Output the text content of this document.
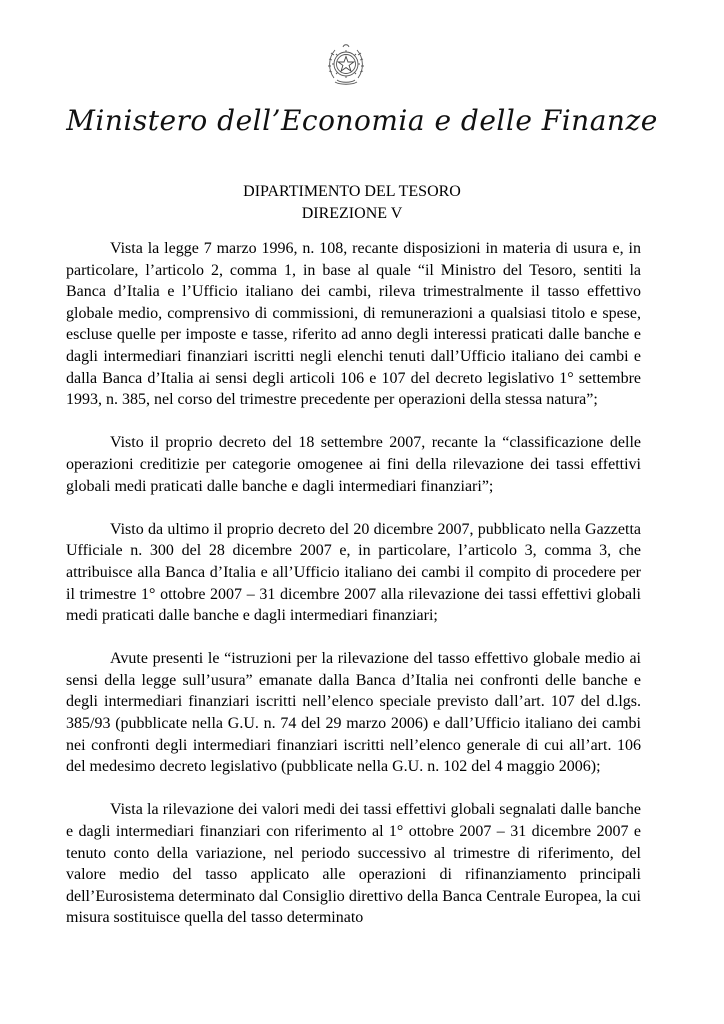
Ministero dell’Economia e delle Finanze
DIPARTIMENTO DEL TESORO
DIREZIONE V

Vista la legge 7 marzo 1996, n. 108, recante disposizioni in materia di usura e, in particolare, l’articolo 2, comma 1, in base al quale “il Ministro del Tesoro, sentiti la Banca d’Italia e l’Ufficio italiano dei cambi, rileva trimestralmente il tasso effettivo globale medio, comprensivo di commissioni, di remunerazioni a qualsiasi titolo e spese, escluse quelle per imposte e tasse, riferito ad anno degli interessi praticati dalle banche e dagli intermediari finanziari iscritti negli elenchi tenuti dall’Ufficio italiano dei cambi e dalla Banca d’Italia ai sensi degli articoli 106 e 107 del decreto legislativo 1° settembre 1993, n. 385, nel corso del trimestre precedente per operazioni della stessa natura”;

Visto il proprio decreto del 18 settembre 2007, recante la “classificazione delle operazioni creditizie per categorie omogenee ai fini della rilevazione dei tassi effettivi globali medi praticati dalle banche e dagli intermediari finanziari”;

Visto da ultimo il proprio decreto del 20 dicembre 2007, pubblicato nella Gazzetta Ufficiale n. 300 del 28 dicembre 2007 e, in particolare, l’articolo 3, comma 3, che attribuisce alla Banca d’Italia e all’Ufficio italiano dei cambi il compito di procedere per il trimestre 1° ottobre 2007 – 31 dicembre 2007 alla rilevazione dei tassi effettivi globali medi praticati dalle banche e dagli intermediari finanziari;

Avute presenti le “istruzioni per la rilevazione del tasso effettivo globale medio ai sensi della legge sull’usura” emanate dalla Banca d’Italia nei confronti delle banche e degli intermediari finanziari iscritti nell’elenco speciale previsto dall’art. 107 del d.lgs. 385/93 (pubblicate nella G.U. n. 74 del 29 marzo 2006) e dall’Ufficio italiano dei cambi nei confronti degli intermediari finanziari iscritti nell’elenco generale di cui all’art. 106 del medesimo decreto legislativo (pubblicate nella G.U. n. 102 del 4 maggio 2006);

Vista la rilevazione dei valori medi dei tassi effettivi globali segnalati dalle banche e dagli intermediari finanziari con riferimento al 1° ottobre 2007 – 31 dicembre 2007 e tenuto conto della variazione, nel periodo successivo al trimestre di riferimento, del valore medio del tasso applicato alle operazioni di rifinanziamento principali dell’Eurosistema determinato dal Consiglio direttivo della Banca Centrale Europea, la cui misura sostituisce quella del tasso determinato
